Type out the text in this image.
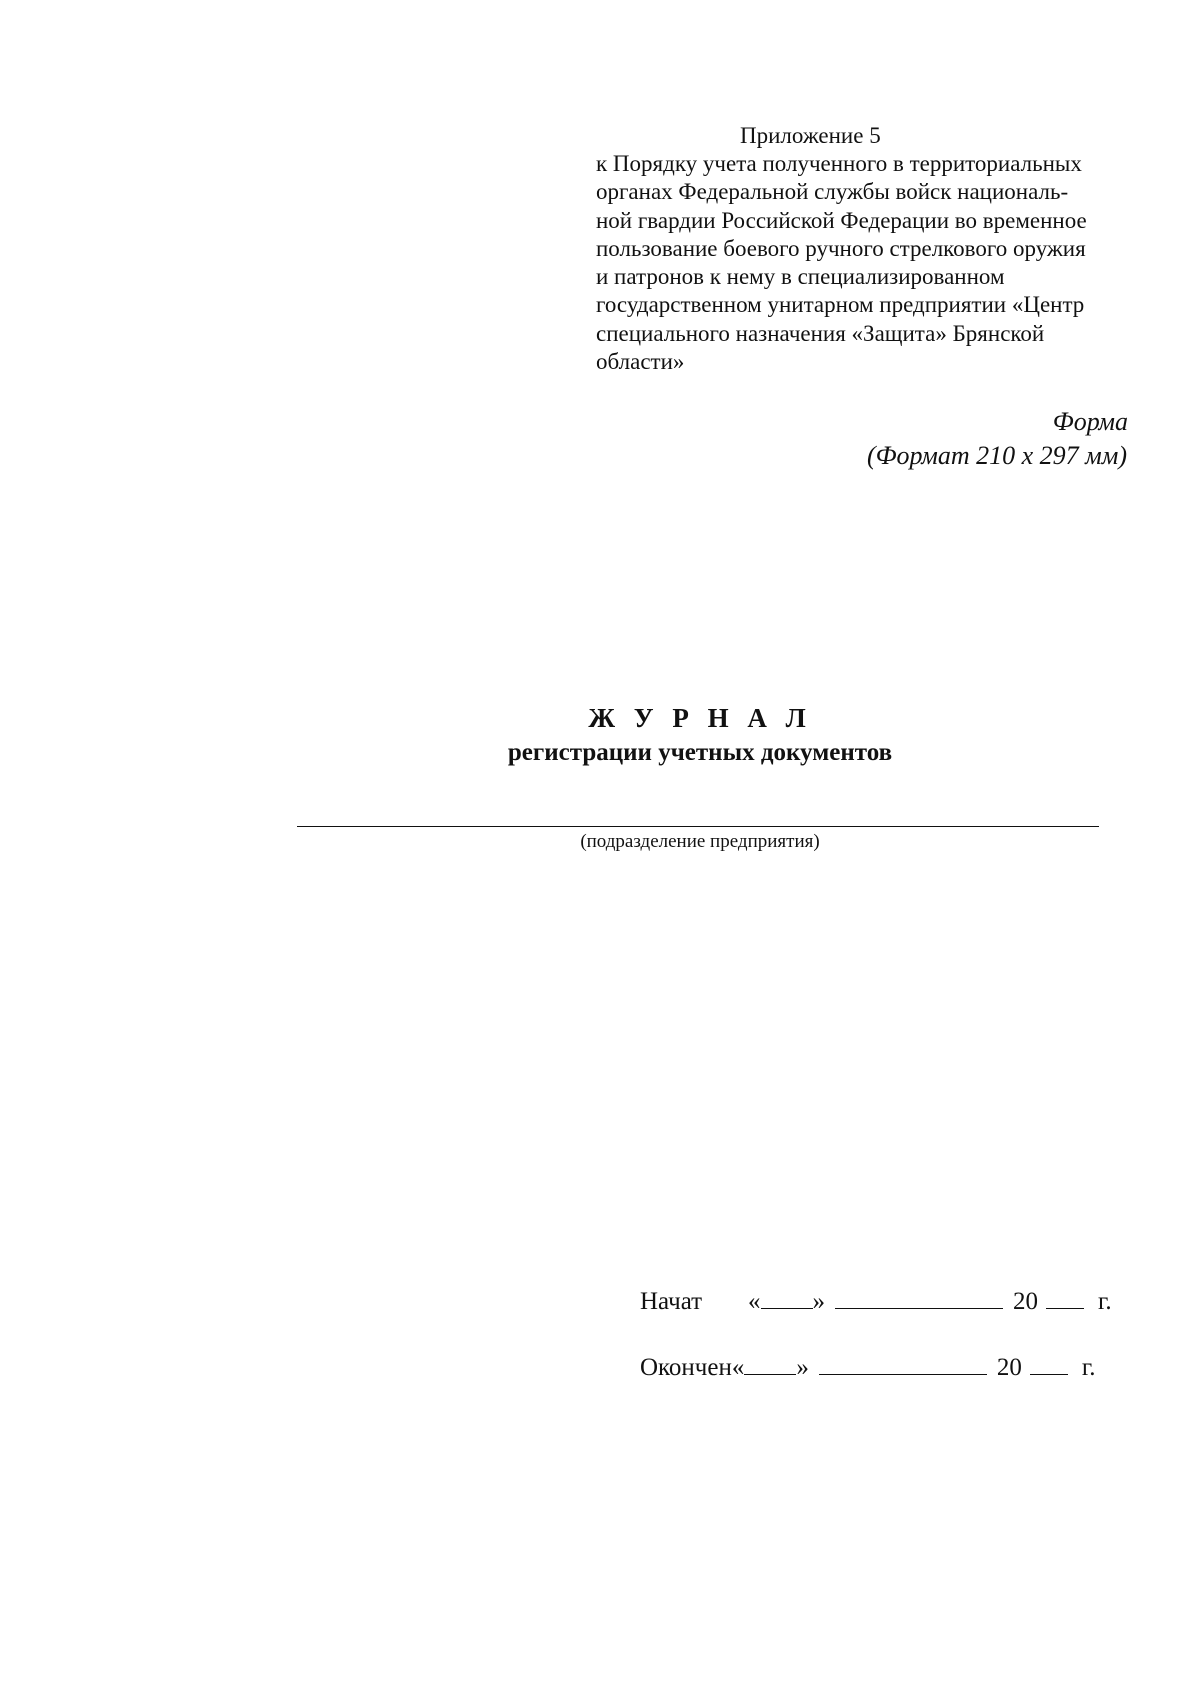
Приложение 5
к Порядку учета полученного в территориальных
органах Федеральной службы войск националь-
ной гвардии Российской Федерации во временное
пользование боевого ручного стрелкового оружия
и патронов к нему в специализированном
государственном унитарном предприятии «Центр
специального назначения «Защита» Брянской
области»
Форма
(Формат 210 х 297 мм)
Ж У Р Н А Л
регистрации учетных документов
(подразделение предприятия)
Начат « »	20 г.
Окончен« »	20 г.
